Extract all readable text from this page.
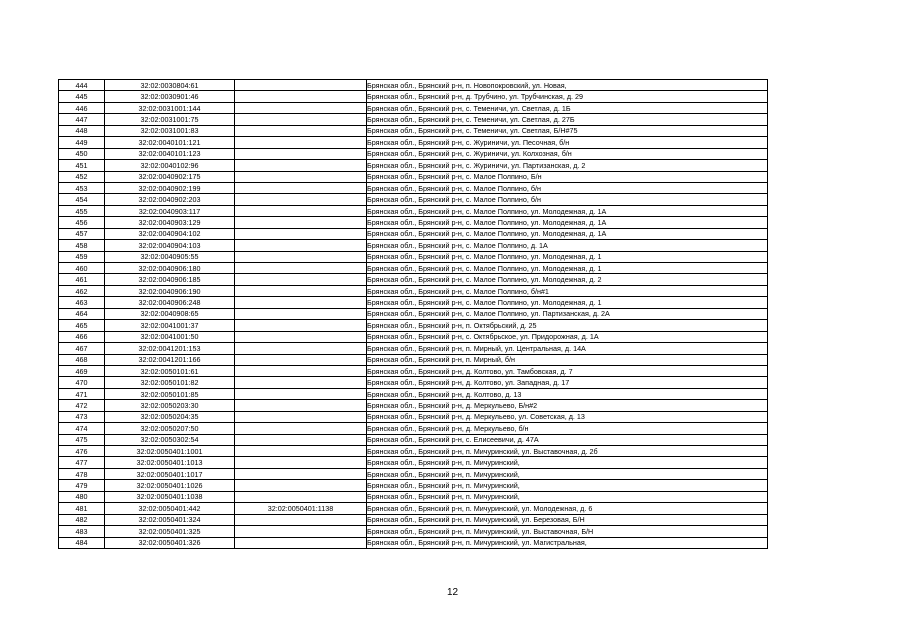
444	32:02:0030804:61		Брянская обл., Брянский р-н, п. Новопокровский, ул. Новая,
445	32:02:0030901:46		Брянская обл., Брянский р-н, д. Трубчино, ул. Трубчинская, д. 29
446	32:02:0031001:144		Брянская обл., Брянский р-н, с. Теменичи, ул. Светлая, д. 1Б
447	32:02:0031001:75		Брянская обл., Брянский р-н, с. Теменичи, ул. Светлая, д. 27Б
448	32:02:0031001:83		Брянская обл., Брянский р-н, с. Теменичи, ул. Светлая, Б/Н#75
449	32:02:0040101:121		Брянская обл., Брянский р-н, с. Журиничи, ул. Песочная, б/н
450	32:02:0040101:123		Брянская обл., Брянский р-н, с. Журиничи, ул. Колхозная, б/н
451	32:02:0040102:96		Брянская обл., Брянский р-н, с. Журиничи, ул. Партизанская, д. 2
452	32:02:0040902:175		Брянская обл., Брянский р-н, с. Малое Полпино, Б/н
453	32:02:0040902:199		Брянская обл., Брянский р-н, с. Малое Полпино, б/н
454	32:02:0040902:203		Брянская обл., Брянский р-н, с. Малое Полпино, б/н
455	32:02:0040903:117		Брянская обл., Брянский р-н, с. Малое Полпино, ул. Молодежная, д. 1А
456	32:02:0040903:129		Брянская обл., Брянский р-н, с. Малое Полпино, ул. Молодежная, д. 1А
457	32:02:0040904:102		Брянская обл., Брянский р-н, с. Малое Полпино, ул. Молодежная, д. 1А
458	32:02:0040904:103		Брянская обл., Брянский р-н, с. Малое Полпино, д. 1А
459	32:02:0040905:55		Брянская обл., Брянский р-н, с. Малое Полпино, ул. Молодежная, д. 1
460	32:02:0040906:180		Брянская обл., Брянский р-н, с. Малое Полпино, ул. Молодежная, д. 1
461	32:02:0040906:185		Брянская обл., Брянский р-н, с. Малое Полпино, ул. Молодежная, д. 2
462	32:02:0040906:190		Брянская обл., Брянский р-н, с. Малое Полпино, б/н#1
463	32:02:0040906:248		Брянская обл., Брянский р-н, с. Малое Полпино, ул. Молодежная, д. 1
464	32:02:0040908:65		Брянская обл., Брянский р-н, с. Малое Полпино, ул. Партизанская, д. 2А
465	32:02:0041001:37		Брянская обл., Брянский р-н, п. Октябрьский, д. 25
466	32:02:0041001:50		Брянская обл., Брянский р-н, с. Октябрьское, ул. Придорожная, д. 1А
467	32:02:0041201:153		Брянская обл., Брянский р-н, п. Мирный, ул. Центральная, д. 14А
468	32:02:0041201:166		Брянская обл., Брянский р-н, п. Мирный, б/н
469	32:02:0050101:61		Брянская обл., Брянский р-н, д. Колтово, ул. Тамбовская, д. 7
470	32:02:0050101:82		Брянская обл., Брянский р-н, д. Колтово, ул. Западная, д. 17
471	32:02:0050101:85		Брянская обл., Брянский р-н, д. Колтово, д. 13
472	32:02:0050203:30		Брянская обл., Брянский р-н, д. Меркульево, Б/н#2
473	32:02:0050204:35		Брянская обл., Брянский р-н, д. Меркульево, ул. Советская, д. 13
474	32:02:0050207:50		Брянская обл., Брянский р-н, д. Меркульево, б/н
475	32:02:0050302:54		Брянская обл., Брянский р-н, с. Елисеевичи, д. 47А
476	32:02:0050401:1001		Брянская обл., Брянский р-н, п. Мичуринский, ул. Выставочная, д. 2б
477	32:02:0050401:1013		Брянская обл., Брянский р-н, п. Мичуринский,
478	32:02:0050401:1017		Брянская обл., Брянский р-н, п. Мичуринский,
479	32:02:0050401:1026		Брянская обл., Брянский р-н, п. Мичуринский,
480	32:02:0050401:1038		Брянская обл., Брянский р-н, п. Мичуринский,
481	32:02:0050401:442	32:02:0050401:1138	Брянская обл., Брянский р-н, п. Мичуринский, ул. Молодежная, д. 6
482	32:02:0050401:324		Брянская обл., Брянский р-н, п. Мичуринский, ул. Березовая, Б/Н
483	32:02:0050401:325		Брянская обл., Брянский р-н, п. Мичуринский, ул. Выставочная, Б/Н
484	32:02:0050401:326		Брянская обл., Брянский р-н, п. Мичуринский, ул. Магистральная,
12
